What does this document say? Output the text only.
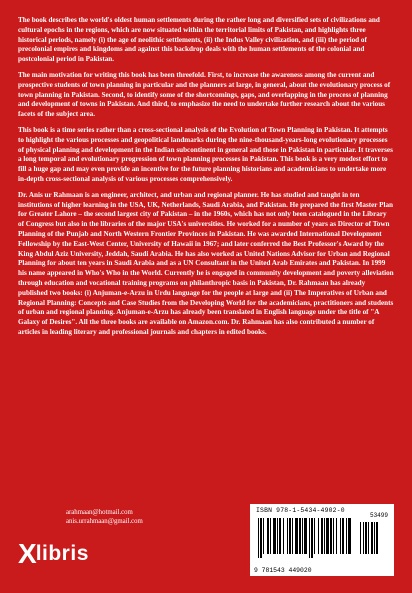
The book describes the world's oldest human settlements during the rather long and diversified sets of civilizations and cultural epochs in the regions, which are now situated within the territorial limits of Pakistan, and highlights three historical periods, namely (i) the age of neolithic settlements, (ii) the Indus Valley civilization, and (iii) the period of precolonial empires and kingdoms and against this backdrop deals with the human settlements of the colonial and postcolonial period in Pakistan.

The main motivation for writing this book has been threefold. First, to increase the awareness among the current and prospective students of town planning in particular and the planners at large, in general, about the evolutionary process of town planning in Pakistan. Second, to identify some of the shortcomings, gaps, and overlapping in the process of planning and development of towns in Pakistan. And third, to emphasize the need to undertake further research about the various facets of the subject area.

This book is a time series rather than a cross-sectional analysis of the Evolution of Town Planning in Pakistan. It attempts to highlight the various processes and geopolitical landmarks during the nine-thousand-years-long evolutionary processes of physical planning and development in the Indian subcontinent in general and those in Pakistan in particular. It traverses a long temporal and evolutionary progression of town planning processes in Pakistan. This book is a very modest effort to fill a huge gap and may even provide an incentive for the future planning historians and academicians to undertake more in-depth cross-sectional analysis of various processes comprehensively.

Dr. Anis ur Rahmaan is an engineer, architect, and urban and regional planner. He has studied and taught in ten institutions of higher learning in the USA, UK, Netherlands, Saudi Arabia, and Pakistan. He prepared the first Master Plan for Greater Lahore – the second largest city of Pakistan – in the 1960s, which has not only been catalogued in the Library of Congress but also in the libraries of the major USA's universities. He worked for a number of years as Director of Town Planning of the Punjab and North Western Frontier Provinces in Pakistan. He was awarded International Development Fellowship by the East-West Center, University of Hawaii in 1967; and later conferred the Best Professor's Award by the King Abdul Aziz University, Jeddah, Saudi Arabia. He has also worked as United Nations Advisor for Urban and Regional Planning for about ten years in Saudi Arabia and as a UN Consultant in the United Arab Emirates and Pakistan. In 1999 his name appeared in Who's Who in the World. Currently he is engaged in community development and poverty alleviation through education and vocational training programs on philanthropic basis in Pakistan, Dr. Rahmaan has already published two books: (i) Anjuman-e-Arzu in Urdu language for the people at large and (ii) The Imperatives of Urban and Regional Planning: Concepts and Case Studies from the Developing World for the academicians, practitioners and students of urban and regional planning. Anjuman-e-Arzu has already been translated in English language under the title of "A Galaxy of Desires". All the three books are available on Amazon.com. Dr. Rahmaan has also contributed a number of articles in leading literary and professional journals and chapters in edited books.

arahmaan@hotmail.com
anis.urrahmaan@gmail.com
X libris
ISBN 978-1-5434-4902-0
53499
9 781543 449020
